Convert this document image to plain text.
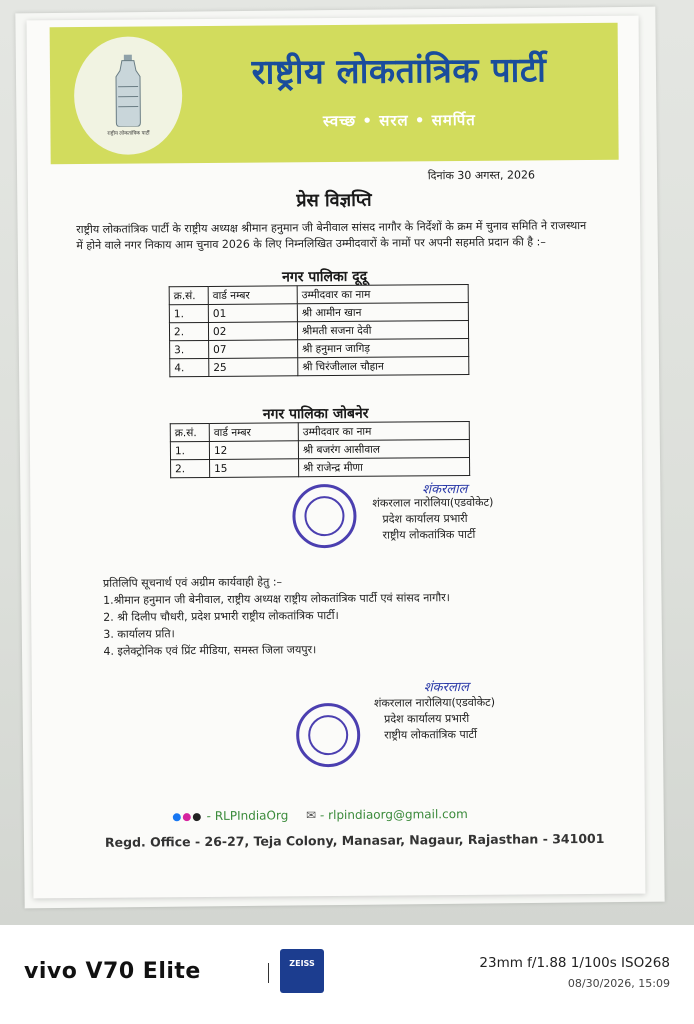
राष्ट्रीय लोकतांत्रिक पार्टी
राष्ट्रीय लोकतांत्रिक पार्टी
स्वच्छ • सरल • समर्पित
दिनांक 30 अगस्त, 2026
प्रेस विज्ञप्ति
राष्ट्रीय लोकतांत्रिक पार्टी के राष्ट्रीय अध्यक्ष श्रीमान हनुमान जी बेनीवाल सांसद नागौर के निर्देशों के क्रम में चुनाव समिति ने राजस्थान में होने वाले नगर निकाय आम चुनाव 2026 के लिए निम्नलिखित उम्मीदवारों के नामों पर अपनी सहमति प्रदान की है :–
नगर पालिका दूदू
क्र.सं.	वार्ड नम्बर	उम्मीदवार का नाम
1.	01	श्री आमीन खान
2.	02	श्रीमती सजना देवी
3.	07	श्री हनुमान जागिड़
4.	25	श्री चिरंजीलाल चौहान
नगर पालिका जोबनेर
क्र.सं.	वार्ड नम्बर	उम्मीदवार का नाम
1.	12	श्री बजरंग आसीवाल
2.	15	श्री राजेन्द्र मीणा
शंकरलाल
शंकरलाल नारोलिया(एडवोकेट)
प्रदेश कार्यालय प्रभारी
राष्ट्रीय लोकतांत्रिक पार्टी
प्रतिलिपि सूचनार्थ एवं अग्रीम कार्यवाही हेतु :–
1.श्रीमान हनुमान जी बेनीवाल, राष्ट्रीय अध्यक्ष राष्ट्रीय लोकतांत्रिक पार्टी एवं सांसद नागौर।
2. श्री दिलीप चौधरी, प्रदेश प्रभारी राष्ट्रीय लोकतांत्रिक पार्टी।
3. कार्यालय प्रति।
4. इलेक्ट्रोनिक एवं प्रिंट मीडिया, समस्त जिला जयपुर।
शंकरलाल
शंकरलाल नारोलिया(एडवोकेट)
प्रदेश कार्यालय प्रभारी
राष्ट्रीय लोकतांत्रिक पार्टी
- RLPIndiaOrg ✉ - rlpindiaorg@gmail.com
Regd. Office - 26-27, Teja Colony, Manasar, Nagaur, Rajasthan - 341001
vivo V70 Elite	ZEISS	23mm f/1.88 1/100s ISO268
08/30/2026, 15:09
